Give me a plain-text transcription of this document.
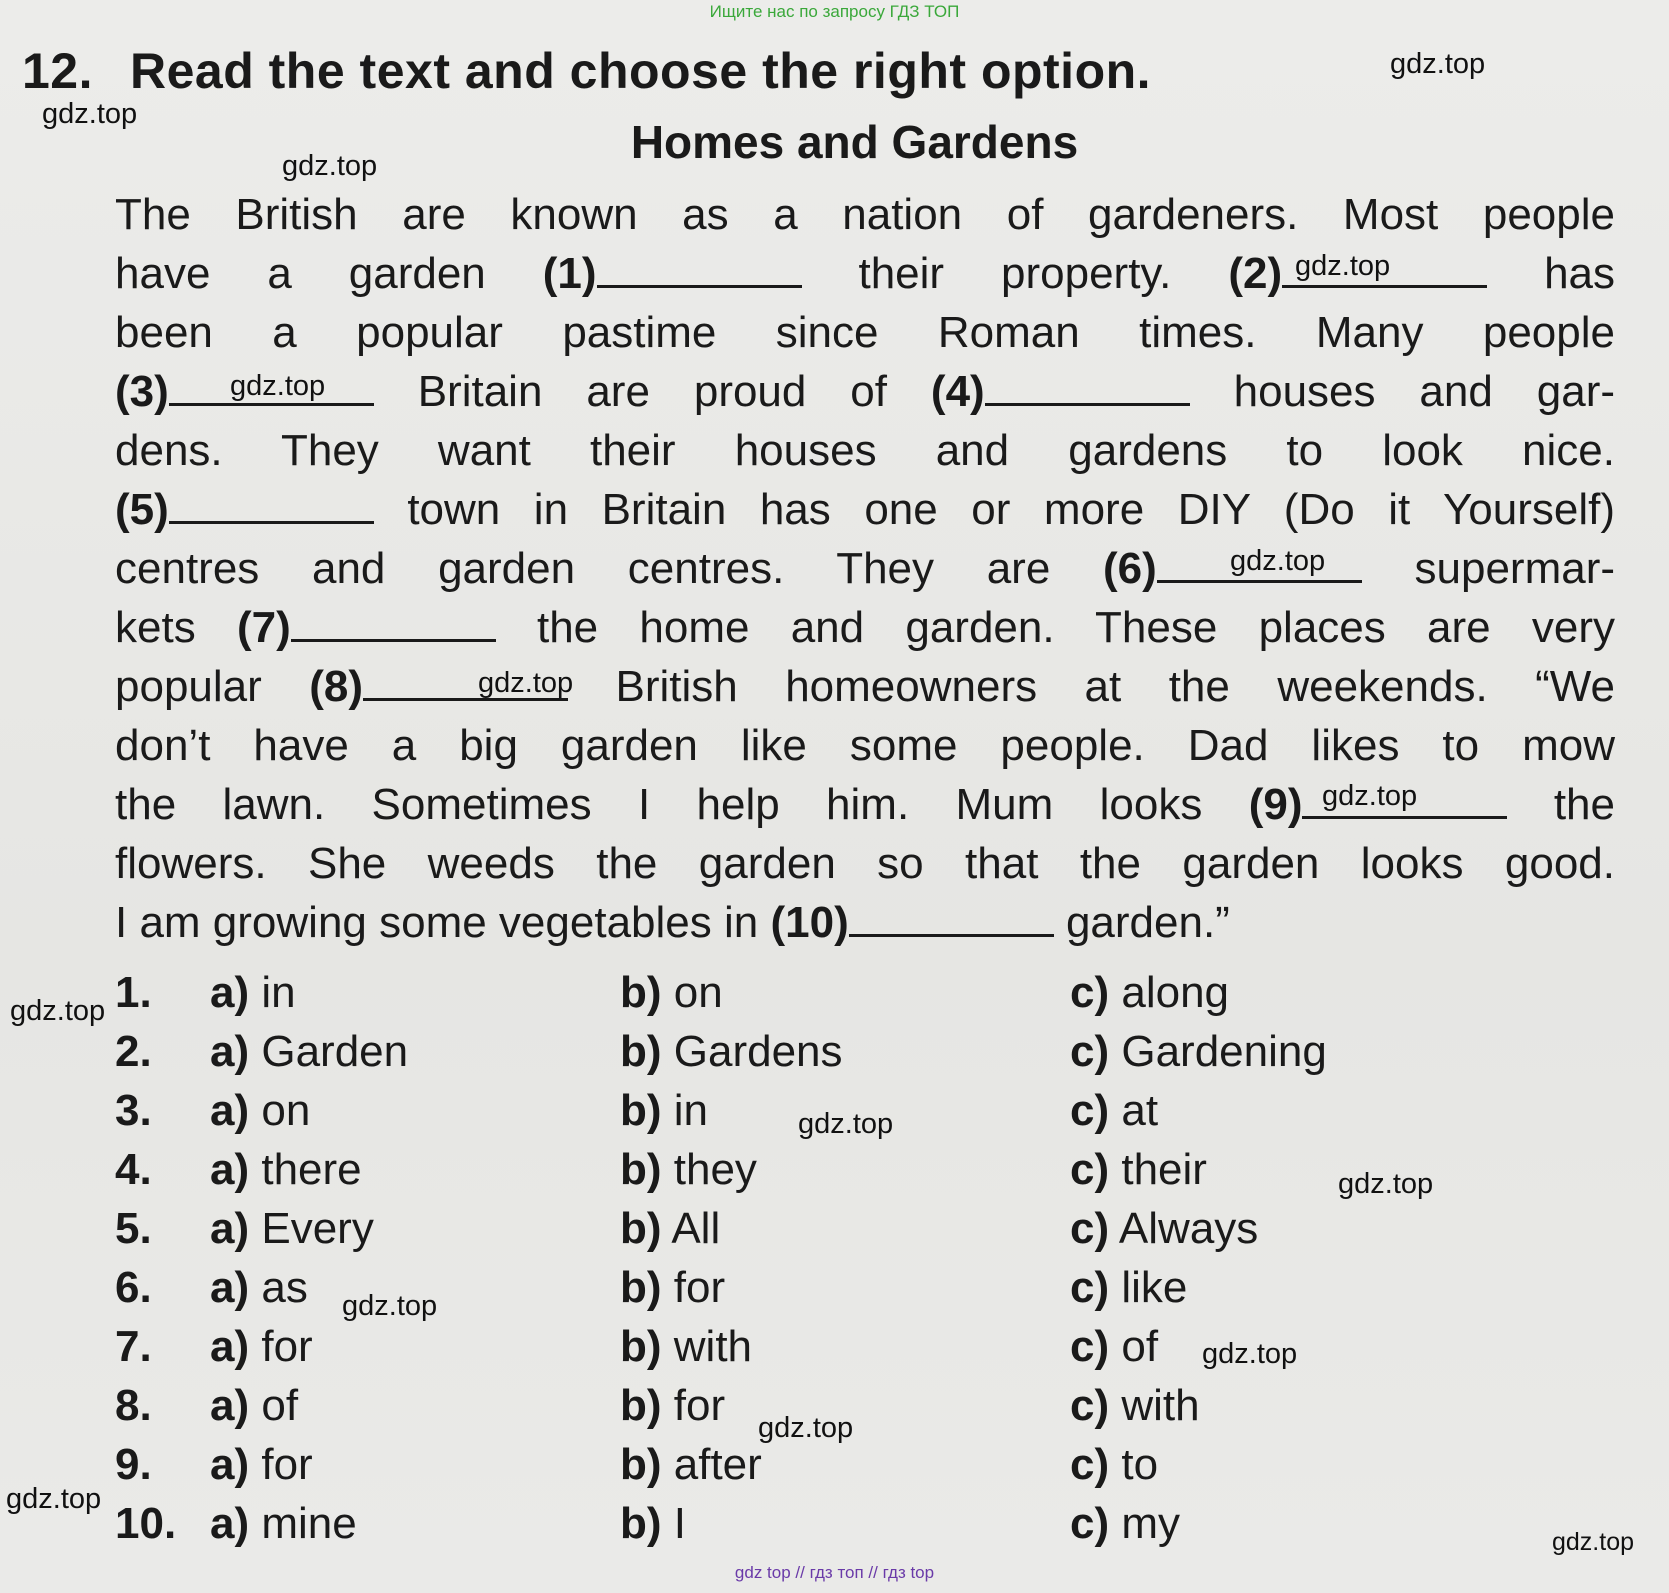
Ищите нас по запросу ГДЗ ТОП
12. Read the text and choose the right option.
Homes and Gardens
The British are known as a nation of gardeners. Most people
have a garden (1)	their property. (2)	has
been a popular pastime since Roman times. Many people
(3)	Britain are proud of (4)	houses and gar-
dens. They want their houses and gardens to look nice.
(5)	town in Britain has one or more DIY (Do it Yourself)
centres and garden centres. They are (6)	supermar-
kets (7)	the home and garden. These places are very
popular (8)	British homeowners at the weekends. “We
don’t have a big garden like some people. Dad likes to mow
the lawn. Sometimes I help him. Mum looks (9)	the
flowers. She weeds the garden so that the garden looks good.
I am growing some vegetables in (10)	garden.”
1. a) in	b) on	c) along
2. a) Garden	b) Gardens	c) Gardening
3. a) on	b) in	c) at
4. a) there	b) they	c) their
5. a) Every	b) All	c) Always
6. a) as	b) for	c) like
7. a) for	b) with	c) of
8. a) of	b) for	c) with
9. a) for	b) after	c) to
10. a) mine	b) I	c) my
gdz top // гдз топ // гдз top
gdz.top
gdz.top
gdz.top
gdz.top
gdz.top
gdz.top
gdz.top
gdz.top
gdz.top
gdz.top
gdz.top
gdz.top
gdz.top
gdz.top
gdz.top
gdz.top
